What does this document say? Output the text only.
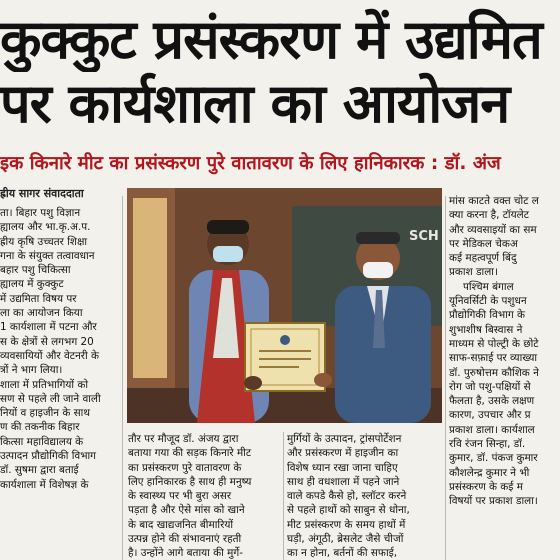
कुक्कुट प्रसंस्करण में उद्यमित
पर कार्यशाला का आयोजन
इक किनारे मीट का प्रसंस्करण पुरे वातावरण के लिए हानिकारक : डॉ. अंज
ह्रीय सागर संवाददाता

ता। बिहार पशु विज्ञान

ह्यालय और भा.कृ.अ.प.

ह्रीय कृषि उच्चतर शिक्षा

गना के संयुक्त तत्वावधान

बहार पशु चिकित्सा

ह्यालय में कुक्कुट

में उद्यमिता विषय पर

ला का आयोजन किया

1 कार्यशाला में पटना और

स के क्षेत्रों से लगभग 20

व्यवसायियों और वेटनरी के

त्रों ने भाग लिया।

शाला में प्रतिभागियों को

सण से पहले ली जाने वाली

नियों व हाइजीन के साथ

ण की तकनीक बिहार

कित्सा महाविद्यालय के

उत्पादन प्रौद्योगिकी विभाग

डॉ. सुषमा द्वारा बताई

कार्यशाला में विशेषज्ञ के

SCH

तौर पर मौजूद डॉ. अंजय द्वारा

बताया गया की सड़क किनारे मीट

का प्रसंस्करण पुरे वातावरण के

लिए हानिकारक है साथ ही मनुष्य

के स्वास्थ्य पर भी बुरा असर

पड़ता है और ऐसे मांस को खाने

के बाद खाद्यजनित बीमारियों

उत्पन्न होने की संभावनाएं रहती

है। उन्होंने आगे बताया की मुर्गे-

मुर्गियों के उत्पादन, ट्रांसपोर्टेशन

और प्रसंस्करण में हाइजीन का

विशेष ध्यान रखा जाना चाहिए

साथ ही वधशाला में पहने जाने

वाले कपडे कैसे हो, स्लॉटर करने

से पहले हाथों को साबुन से धोना,

मीट प्रसंस्करण के समय हाथों में

घड़ी, अंगूठी, ब्रेसलेट जैसे चीजों

का न होना, बर्तनों की सफाई,

मांस काटते वक्त चोट ल

क्या करना है, टॉयलेट

और व्यवसाइयों का सम

पर मेडिकल चेकअ

कई महत्वपूर्ण बिंदु

प्रकाश डाला।

पश्चिम बंगाल

यूनिवर्सिटी के पशुधन

प्रौद्योगिकी विभाग के

शुभाशीष बिस्वास ने

माध्यम से पोल्ट्री के छोटे

साफ-सफ़ाई पर व्याख्या

डॉ. पुरुषोत्तम कौशिक ने

रोग जो पशु-पक्षियों से

फैलता है, उसके लक्षण

कारण, उपचार और प्र

प्रकाश डाला। कार्यशाल

रवि रंजन सिन्हा, डॉ.

कुमार, डॉ. पंकज कुमार

कौशलेन्द्र कुमार ने भी

प्रसंस्करण के कई म

विषयों पर प्रकाश डाला।
